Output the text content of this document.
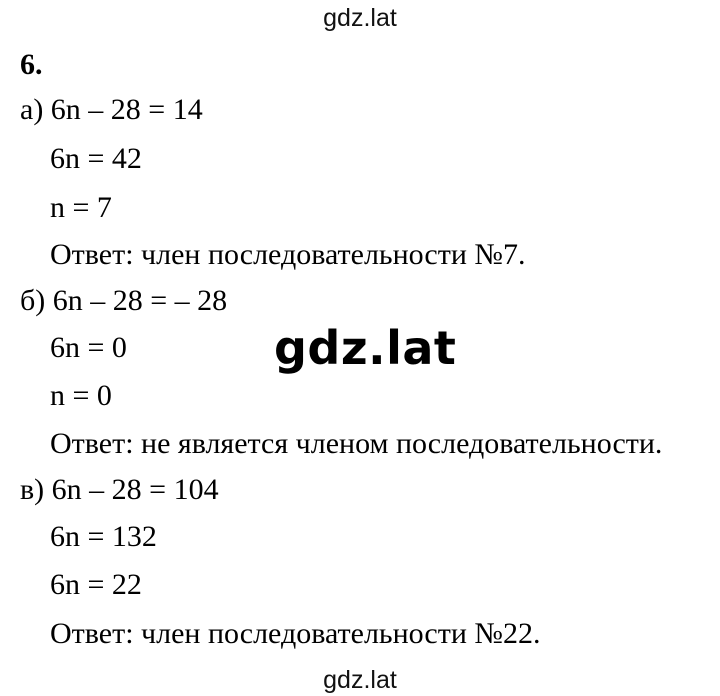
gdz.lat
6.
а) 6n – 28 = 14
6n = 42
n = 7
Ответ: член последовательности №7.
б) 6n – 28 = – 28
6n = 0
n = 0
Ответ: не является членом последовательности.
в) 6n – 28 = 104
6n = 132
6n = 22
Ответ: член последовательности №22.
gdz.lat
gdz.lat
